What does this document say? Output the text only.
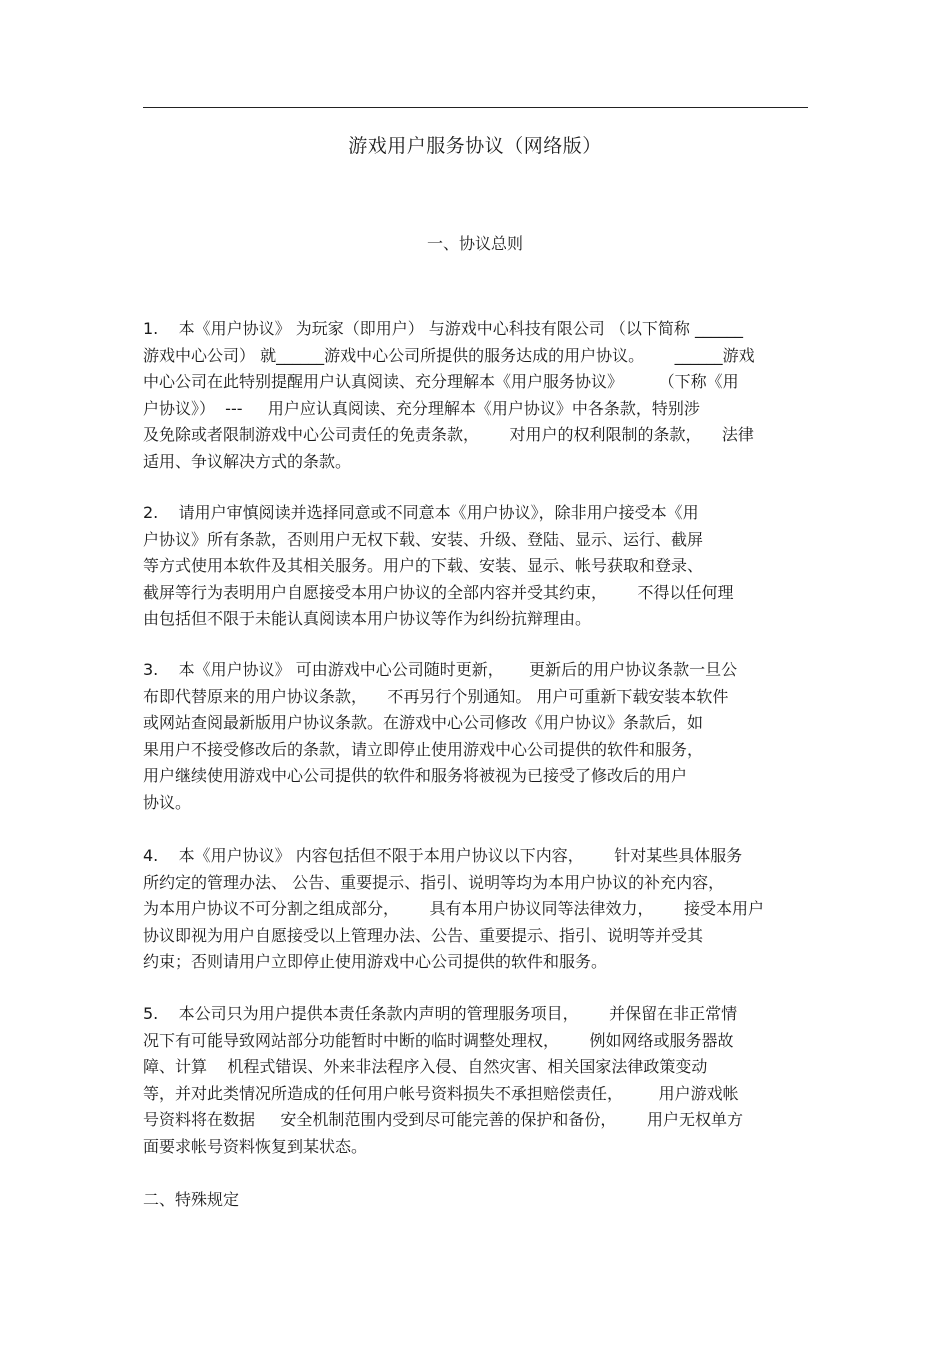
游戏用户服务协议（网络版）
一、协议总则
1.    本《用户协议》 为玩家（即用户） 与游戏中心科技有限公司 （以下简称 ______
游戏中心公司） 就______游戏中心公司所提供的服务达成的用户协议。      ______游戏
中心公司在此特别提醒用户认真阅读、充分理解本《用户服务协议》       （下称《用
户协议》）  ---     用户应认真阅读、充分理解本《用户协议》中各条款，特别涉
及免除或者限制游戏中心公司责任的免责条款，      对用户的权利限制的条款，    法律
适用、争议解决方式的条款。
2.    请用户审慎阅读并选择同意或不同意本《用户协议》，除非用户接受本《用
户协议》所有条款，否则用户无权下载、安装、升级、登陆、显示、运行、截屏
等方式使用本软件及其相关服务。用户的下载、安装、显示、帐号获取和登录、
截屏等行为表明用户自愿接受本用户协议的全部内容并受其约束，      不得以任何理
由包括但不限于未能认真阅读本用户协议等作为纠纷抗辩理由。
3.    本《用户协议》 可由游戏中心公司随时更新，     更新后的用户协议条款一旦公
布即代替原来的用户协议条款，    不再另行个别通知。 用户可重新下载安装本软件
或网站查阅最新版用户协议条款。在游戏中心公司修改《用户协议》条款后，如
果用户不接受修改后的条款，请立即停止使用游戏中心公司提供的软件和服务，
用户继续使用游戏中心公司提供的软件和服务将被视为已接受了修改后的用户
协议。
4.    本《用户协议》 内容包括但不限于本用户协议以下内容，      针对某些具体服务
所约定的管理办法、 公告、重要提示、指引、说明等均为本用户协议的补充内容，
为本用户协议不可分割之组成部分，      具有本用户协议同等法律效力，      接受本用户
协议即视为用户自愿接受以上管理办法、公告、重要提示、指引、说明等并受其
约束；否则请用户立即停止使用游戏中心公司提供的软件和服务。
5.    本公司只为用户提供本责任条款内声明的管理服务项目，      并保留在非正常情
况下有可能导致网站部分功能暂时中断的临时调整处理权，      例如网络或服务器故
障、计算    机程式错误、外来非法程序入侵、自然灾害、相关国家法律政策变动
等，并对此类情况所造成的任何用户帐号资料损失不承担赔偿责任，       用户游戏帐
号资料将在数据     安全机制范围内受到尽可能完善的保护和备份，      用户无权单方
面要求帐号资料恢复到某状态。
二、特殊规定
